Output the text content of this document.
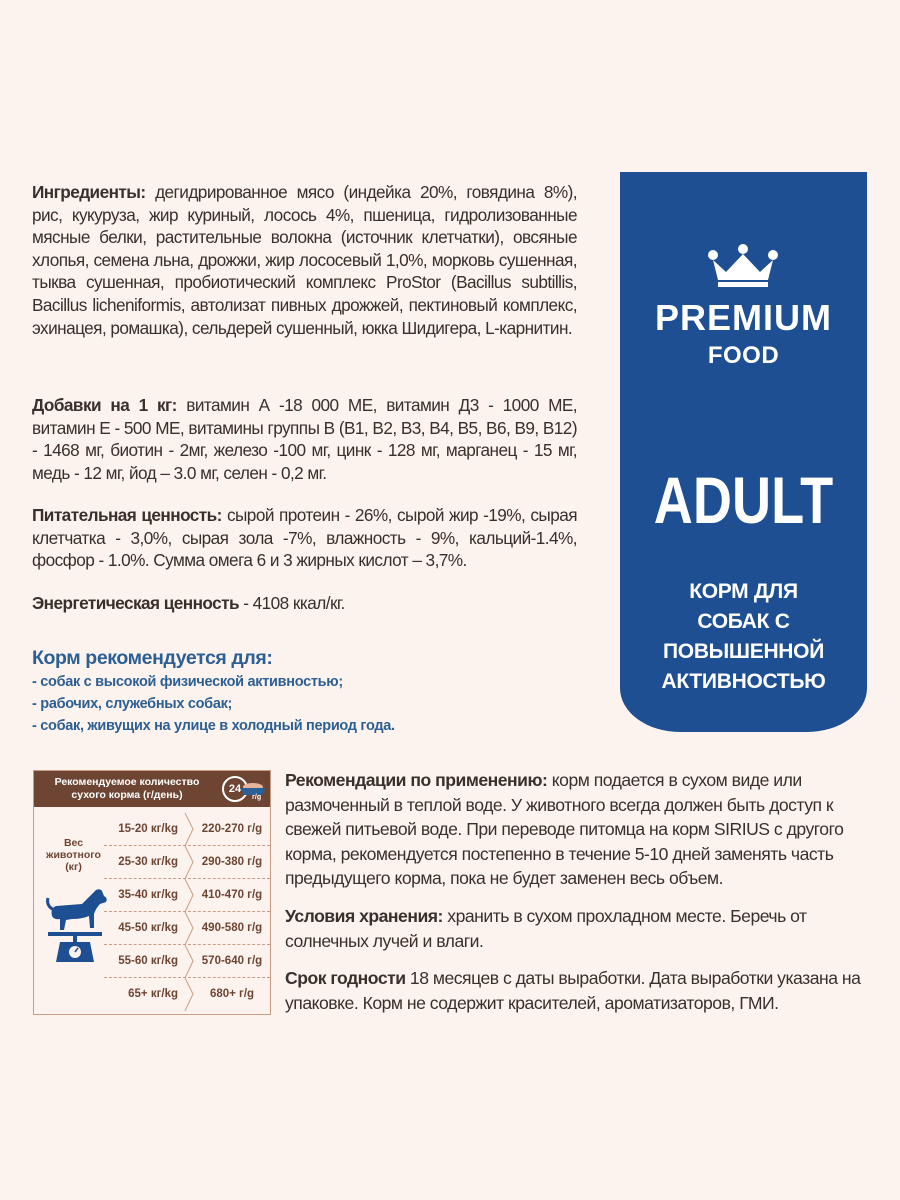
Ингредиенты: дегидрированное мясо (индейка 20%, говядина 8%), рис, кукуруза, жир куриный, лосось 4%, пшеница, гидролизованные мясные белки, растительные волокна (источник клетчатки), овсяные хлопья, семена льна, дрожжи, жир лососевый 1,0%, морковь сушенная, тыква сушенная, пробиотический комплекс ProStor (Bacillus subtillis, Bacillus licheniformis, автолизат пивных дрожжей, пектиновый комплекс, эхинацея, ромашка), сельдерей сушенный, юкка Шидигера, L-карнитин.
Добавки на 1 кг: витамин А -18 000 МЕ, витамин Д3 - 1000 МЕ, витамин Е - 500 МЕ, витамины группы В (В1, В2, В3, В4, В5, В6, В9, В12) - 1468 мг, биотин - 2мг, железо -100 мг, цинк - 128 мг, марганец - 15 мг, медь - 12 мг, йод – 3.0 мг, селен - 0,2 мг.
Питательная ценность: сырой протеин - 26%, сырой жир -19%, сырая клетчатка - 3,0%, сырая зола -7%, влажность - 9%, кальций-1.4%, фосфор - 1.0%. Сумма омега 6 и 3 жирных кислот – 3,7%.
Энергетическая ценность - 4108 ккал/кг.
Корм рекомендуется для:
- собак с высокой физической активностью;
- рабочих, служебных собак;
- собак, живущих на улице в холодный период года.
PREMIUM
FOOD
ADULT
КОРМ ДЛЯ
СОБАК С ПОВЫШЕННОЙ
АКТИВНОСТЬЮ
Рекомендуемое количество сухого корма (г/день)	24
г/g
Вес животного (кг)
15-20 кг/kg	220-270 г/g
25-30 кг/kg	290-380 г/g
35-40 кг/kg	410-470 г/g
45-50 кг/kg	490-580 г/g
55-60 кг/kg	570-640 г/g
65+ кг/kg	680+ г/g
Рекомендации по применению: корм подается в сухом виде или размоченный в теплой воде. У животного всегда должен быть доступ к свежей питьевой воде. При переводе питомца на корм SIRIUS с другого корма, рекомендуется постепенно в течение 5-10 дней заменять часть предыдущего корма, пока не будет заменен весь объем.
Условия хранения: хранить в сухом прохладном месте. Беречь от солнечных лучей и влаги.
Срок годности 18 месяцев с даты выработки. Дата выработки указана на упаковке. Корм не содержит красителей, ароматизаторов, ГМИ.
